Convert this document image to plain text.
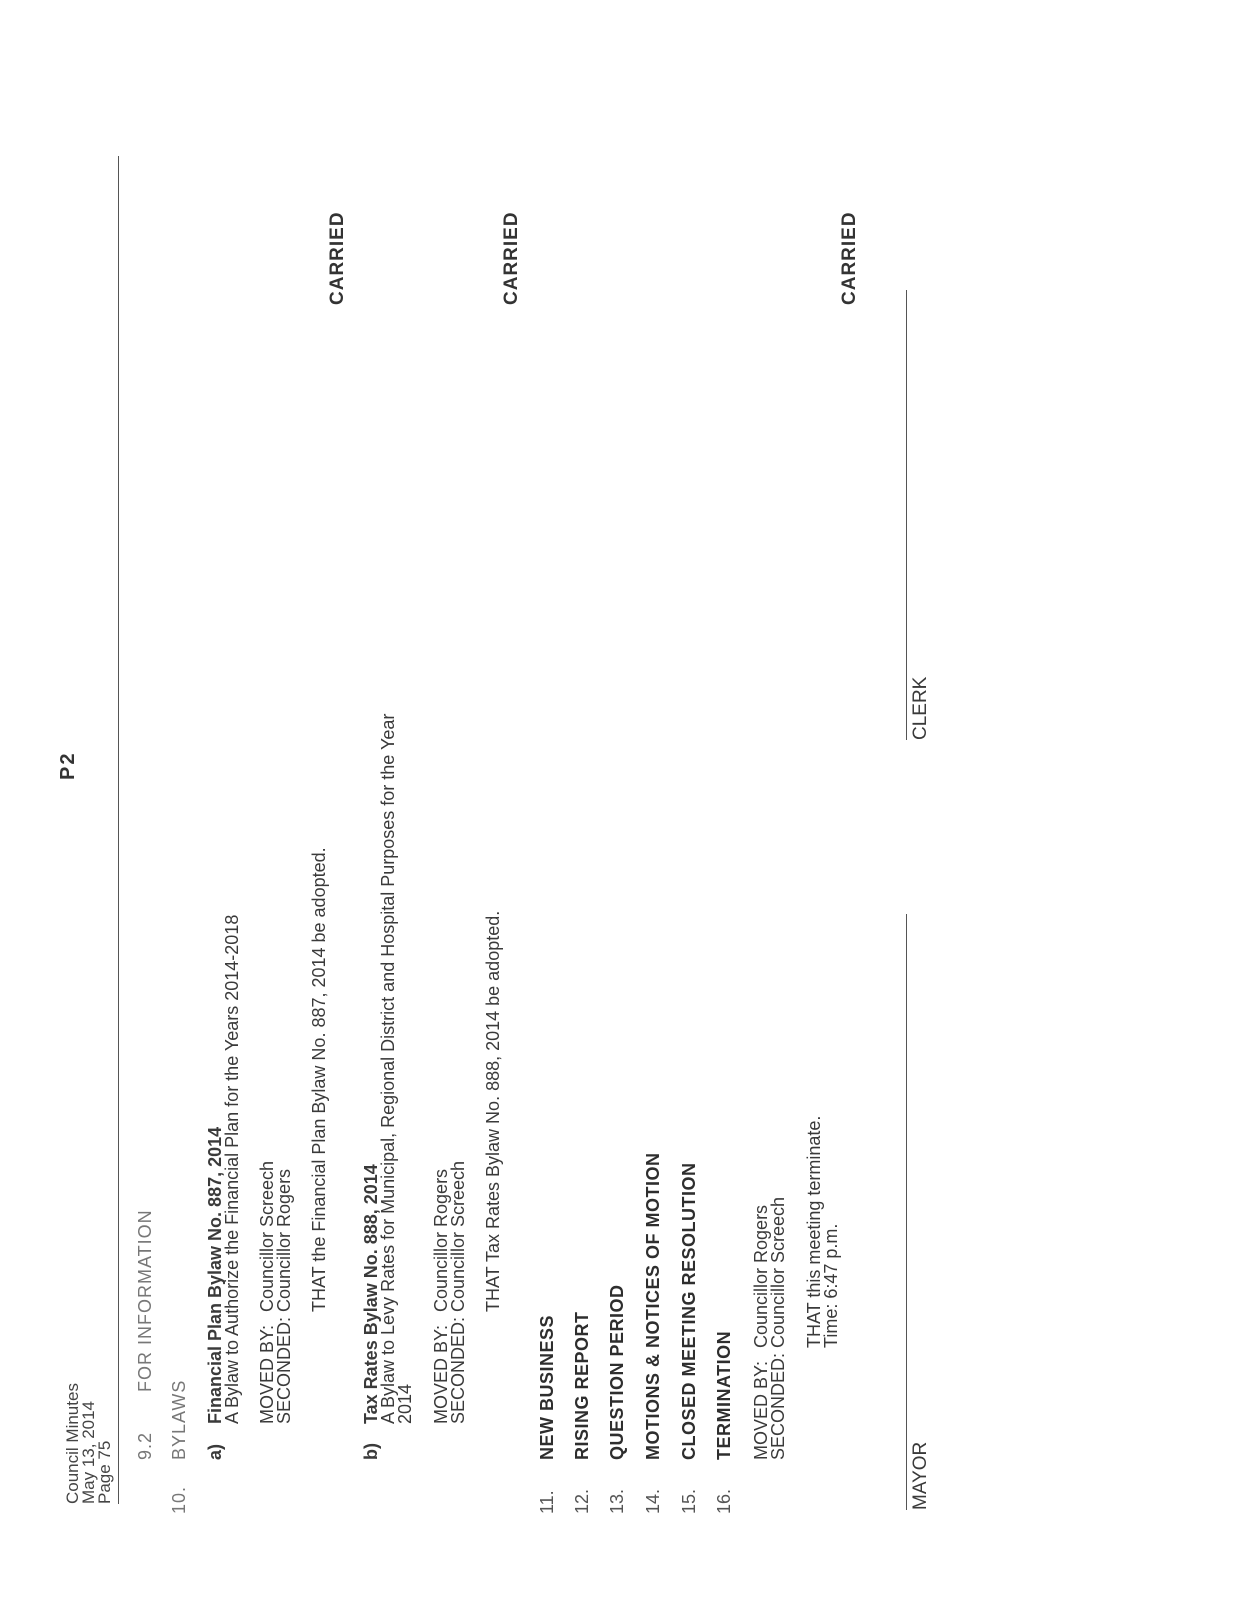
Council Minutes
May 13, 2014
Page 75
P2
9.2
FOR INFORMATION
10.
BYLAWS a)
Financial Plan Bylaw No. 887, 2014
A Bylaw to Authorize the Financial Plan for the Years 2014-2018 MOVED BY:
SECONDED:
Councillor Screech
Councillor Rogers THAT the Financial Plan Bylaw No. 887, 2014 be adopted.
CARRIED
b)
Tax Rates Bylaw No. 888, 2014
A Bylaw to Levy Rates for Municipal, Regional District and Hospital Purposes for the Year
2014 MOVED BY:
SECONDED:
Councillor Rogers
Councillor Screech THAT Tax Rates Bylaw No. 888, 2014 be adopted.
CARRIED
11.
NEW BUSINESS
12.
RISING REPORT
13.
QUESTION PERIOD
14.
MOTIONS & NOTICES OF MOTION
15.
CLOSED MEETING RESOLUTION
16.
TERMINATION MOVED BY:
SECONDED:
Councillor Rogers
Councillor Screech THAT this meeting terminate.
Time: 6:47 p.m.
CARRIED
MAYOR
CLERK
